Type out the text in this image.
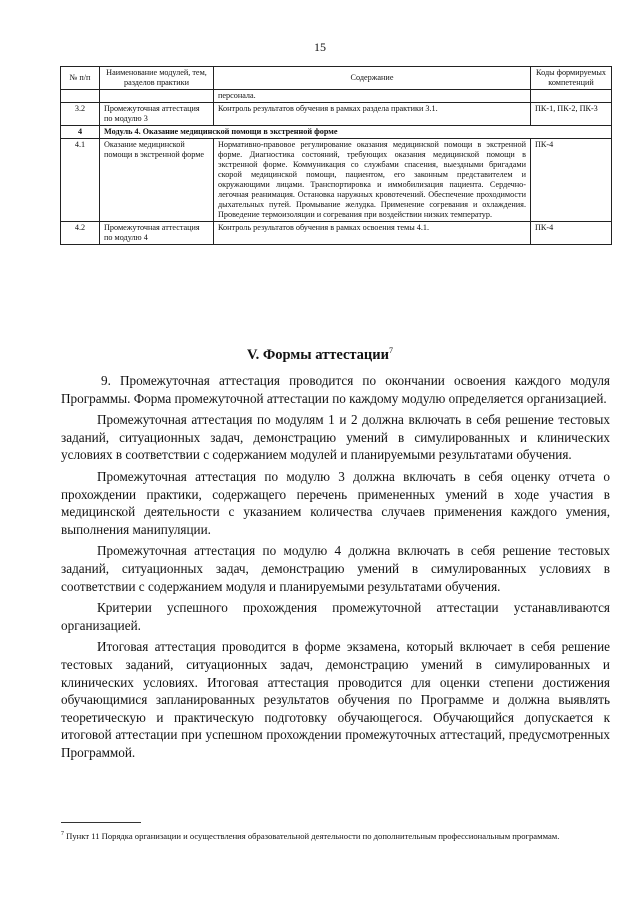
15
№ п/п	Наименование модулей, тем, разделов практики	Содержание	Коды формируемых компетенций
		персонала.	
3.2	Промежуточная аттестация по модулю 3	Контроль результатов обучения в рамках раздела практики 3.1.	ПК-1, ПК-2, ПК-3
4	Модуль 4. Оказание медицинской помощи в экстренной форме		
4.1	Оказание медицинской помощи в экстренной форме	Нормативно-правовое регулирование оказания медицинской помощи в экстренной форме. Диагностика состояний, требующих оказания медицинской помощи в экстренной форме. Коммуникация со службами спасения, выездными бригадами скорой медицинской помощи, пациентом, его законным представителем и окружающими лицами. Транспортировка и иммобилизация пациента. Сердечно-легочная реанимация. Остановка наружных кровотечений. Обеспечение проходимости дыхательных путей. Промывание желудка. Применение согревания и охлаждения. Проведение термоизоляции и согревания при воздействии низких температур.	ПК-4
4.2	Промежуточная аттестация по модулю 4	Контроль результатов обучения в рамках освоения темы 4.1.	ПК-4
V. Формы аттестации$^7$

9. Промежуточная аттестация проводится по окончании освоения каждого модуля Программы. Форма промежуточной аттестации по каждому модулю определяется организацией.

Промежуточная аттестация по модулям 1 и 2 должна включать в себя решение тестовых заданий, ситуационных задач, демонстрацию умений в симулированных и клинических условиях в соответствии с содержанием модулей и планируемыми результатами обучения.

Промежуточная аттестация по модулю 3 должна включать в себя оценку отчета о прохождении практики, содержащего перечень примененных умений в ходе участия в медицинской деятельности с указанием количества случаев применения каждого умения, выполнения манипуляции.

Промежуточная аттестация по модулю 4 должна включать в себя решение тестовых заданий, ситуационных задач, демонстрацию умений в симулированных условиях в соответствии с содержанием модуля и планируемыми результатами обучения.

Критерии успешного прохождения промежуточной аттестации устанавливаются организацией.

Итоговая аттестация проводится в форме экзамена, который включает в себя решение тестовых заданий, ситуационных задач, демонстрацию умений в симулированных и клинических условиях. Итоговая аттестация проводится для оценки степени достижения обучающимися запланированных результатов обучения по Программе и должна выявлять теоретическую и практическую подготовку обучающегося. Обучающийся допускается к итоговой аттестации при успешном прохождении промежуточных аттестаций, предусмотренных Программой.

$^7$ Пункт 11 Порядка организации и осуществления образовательной деятельности по дополнительным профессиональным программам.
